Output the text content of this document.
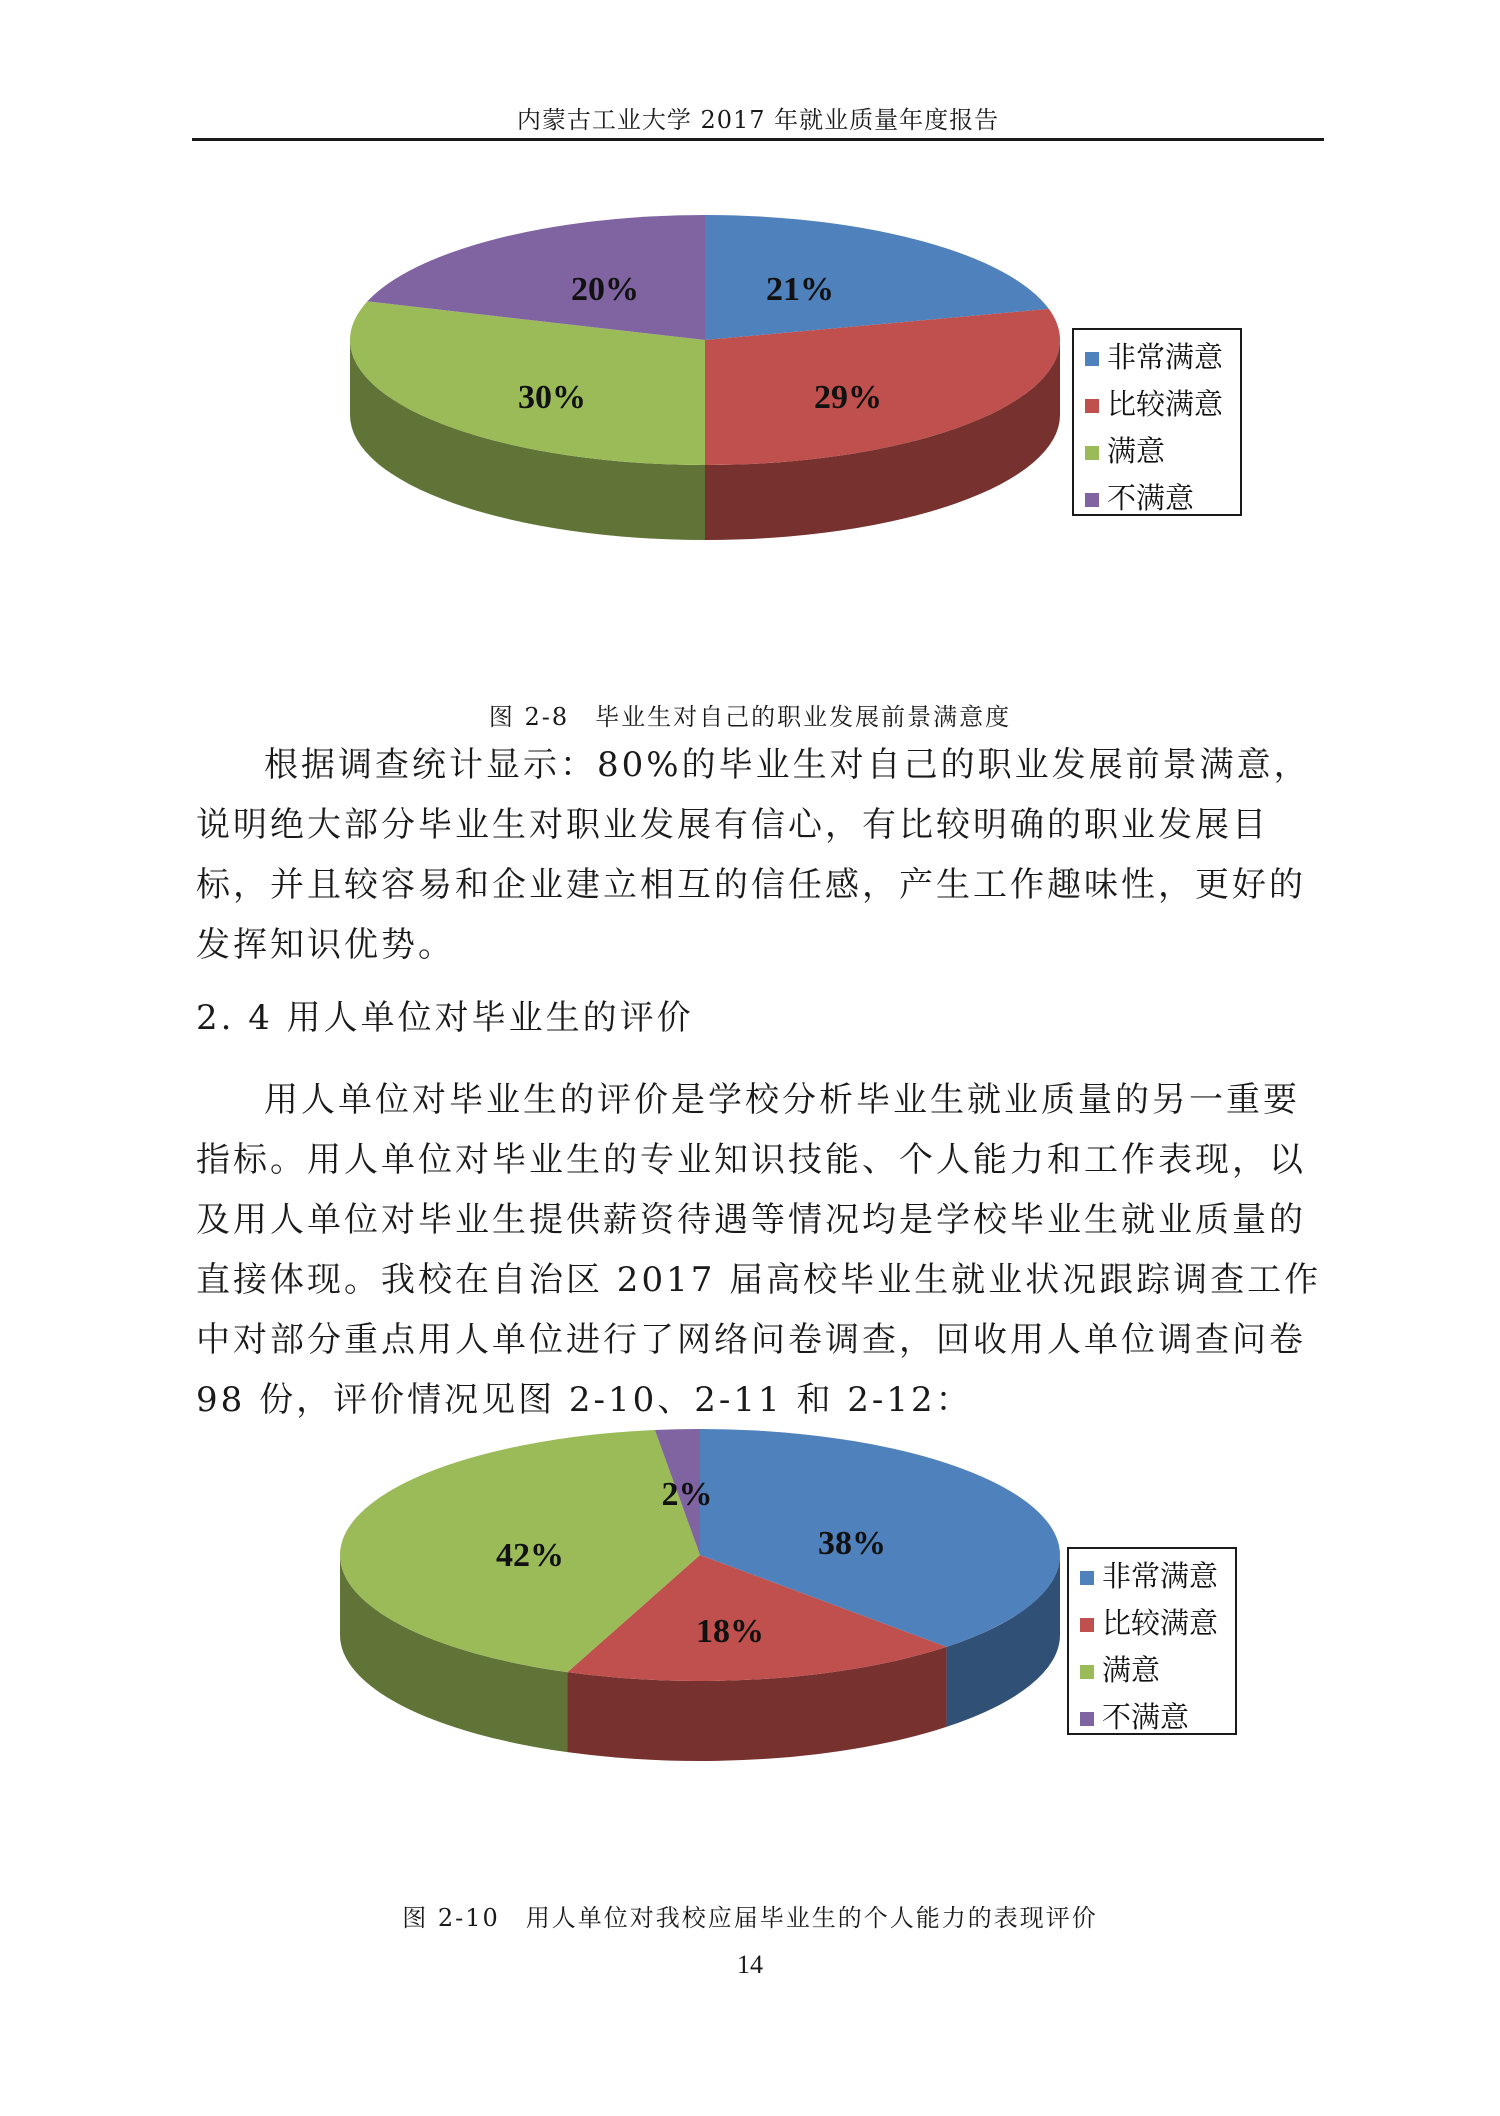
内蒙古工业大学 2017 年就业质量年度报告
21%
29%
30%
20%
非常满意
比较满意
满意
不满意
图 2-8　毕业生对自己的职业发展前景满意度

根据调查统计显示：80%的毕业生对自己的职业发展前景满意，说明绝大部分毕业生对职业发展有信心，有比较明确的职业发展目标，并且较容易和企业建立相互的信任感，产生工作趣味性，更好的发挥知识优势。

2. 4 用人单位对毕业生的评价

用人单位对毕业生的评价是学校分析毕业生就业质量的另一重要指标。用人单位对毕业生的专业知识技能、个人能力和工作表现，以及用人单位对毕业生提供薪资待遇等情况均是学校毕业生就业质量的直接体现。我校在自治区 2017 届高校毕业生就业状况跟踪调查工作中对部分重点用人单位进行了网络问卷调查，回收用人单位调查问卷 98 份，评价情况见图 2-10、2-11 和 2-12：

38%
18%
42%
2%
非常满意
比较满意
满意
不满意
图 2-10　用人单位对我校应届毕业生的个人能力的表现评价
14
